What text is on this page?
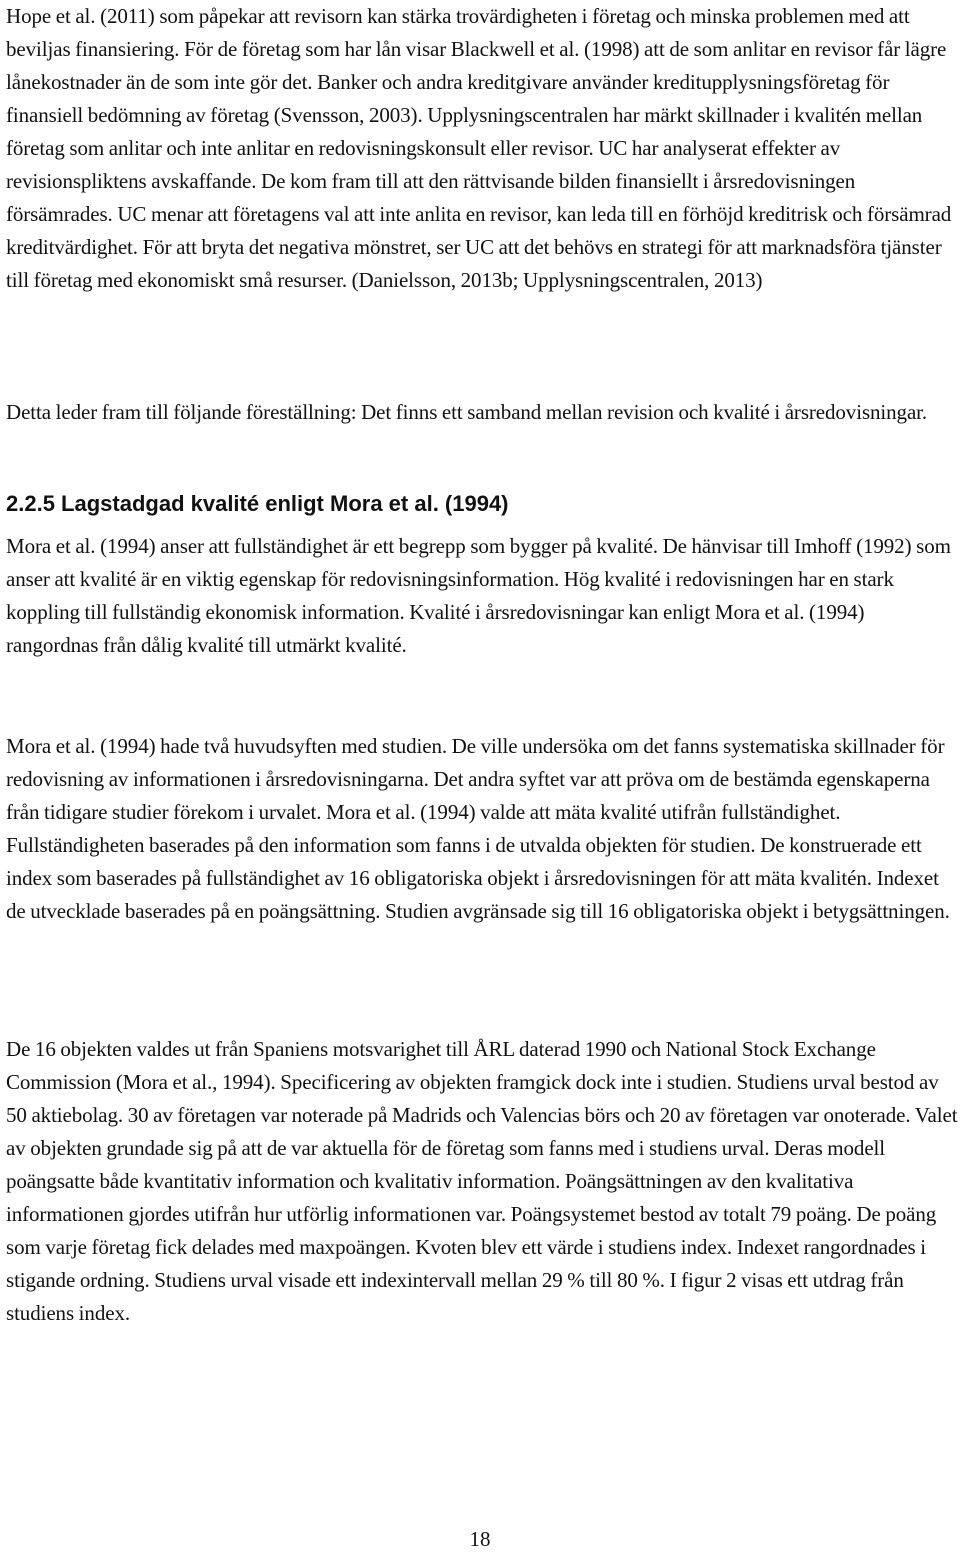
Hope et al. (2011) som påpekar att revisorn kan stärka trovärdigheten i företag och minska problemen med att beviljas finansiering. För de företag som har lån visar Blackwell et al. (1998) att de som anlitar en revisor får lägre lånekostnader än de som inte gör det. Banker och andra kreditgivare använder kreditupplysningsföretag för finansiell bedömning av företag (Svensson, 2003). Upplysningscentralen har märkt skillnader i kvalitén mellan företag som anlitar och inte anlitar en redovisningskonsult eller revisor. UC har analyserat effekter av revisionspliktens avskaffande. De kom fram till att den rättvisande bilden finansiellt i årsredovisningen försämrades. UC menar att företagens val att inte anlita en revisor, kan leda till en förhöjd kreditrisk och försämrad kreditvärdighet. För att bryta det negativa mönstret, ser UC att det behövs en strategi för att marknadsföra tjänster till företag med ekonomiskt små resurser. (Danielsson, 2013b; Upplysningscentralen, 2013)

Detta leder fram till följande föreställning: Det finns ett samband mellan revision och kvalité i årsredovisningar.

2.2.5 Lagstadgad kvalité enligt Mora et al. (1994)

Mora et al. (1994) anser att fullständighet är ett begrepp som bygger på kvalité. De hänvisar till Imhoff (1992) som anser att kvalité är en viktig egenskap för redovisningsinformation. Hög kvalité i redovisningen har en stark koppling till fullständig ekonomisk information. Kvalité i årsredovisningar kan enligt Mora et al. (1994) rangordnas från dålig kvalité till utmärkt kvalité.

Mora et al. (1994) hade två huvudsyften med studien. De ville undersöka om det fanns systematiska skillnader för redovisning av informationen i årsredovisningarna. Det andra syftet var att pröva om de bestämda egenskaperna från tidigare studier förekom i urvalet. Mora et al. (1994) valde att mäta kvalité utifrån fullständighet. Fullständigheten baserades på den information som fanns i de utvalda objekten för studien. De konstruerade ett index som baserades på fullständighet av 16 obligatoriska objekt i årsredovisningen för att mäta kvalitén. Indexet de utvecklade baserades på en poängsättning. Studien avgränsade sig till 16 obligatoriska objekt i betygsättningen.

De 16 objekten valdes ut från Spaniens motsvarighet till ÅRL daterad 1990 och National Stock Exchange Commission (Mora et al., 1994). Specificering av objekten framgick dock inte i studien. Studiens urval bestod av 50 aktiebolag. 30 av företagen var noterade på Madrids och Valencias börs och 20 av företagen var onoterade. Valet av objekten grundade sig på att de var aktuella för de företag som fanns med i studiens urval. Deras modell poängsatte både kvantitativ information och kvalitativ information. Poängsättningen av den kvalitativa informationen gjordes utifrån hur utförlig informationen var. Poängsystemet bestod av totalt 79 poäng. De poäng som varje företag fick delades med maxpoängen. Kvoten blev ett värde i studiens index. Indexet rangordnades i stigande ordning. Studiens urval visade ett indexintervall mellan 29 % till 80 %. I figur 2 visas ett utdrag från studiens index.

18
